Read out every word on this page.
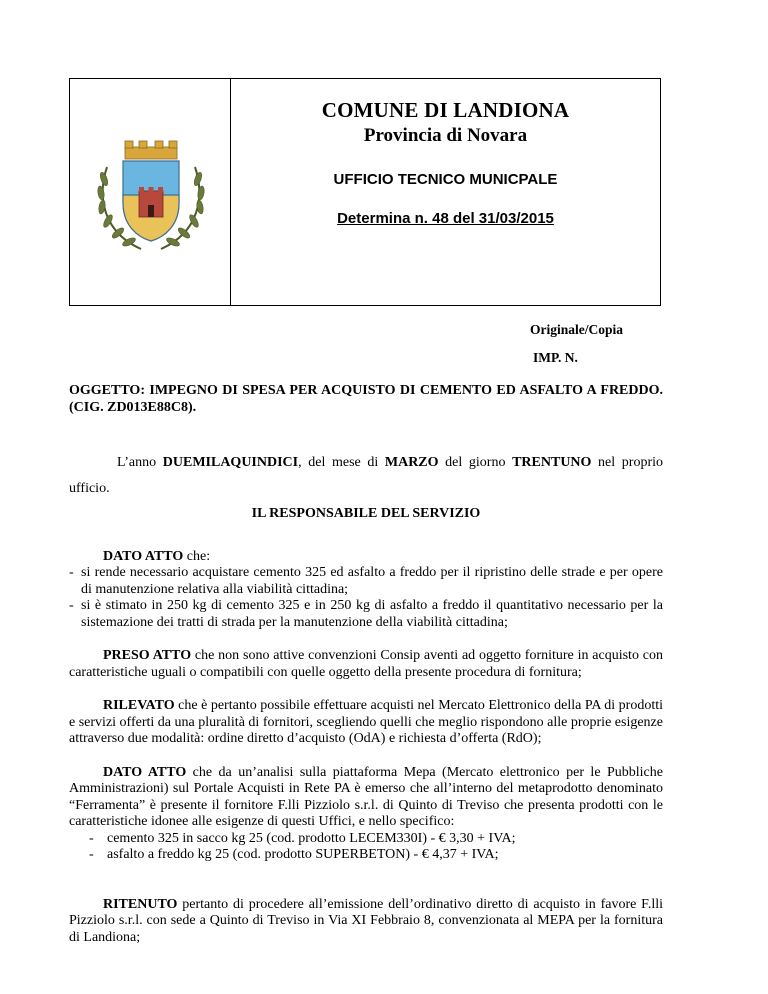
COMUNE DI LANDIONA
Provincia di Novara
UFFICIO TECNICO MUNICPALE
Determina n. 48 del 31/03/2015
Originale/Copia
IMP. N.

OGGETTO: IMPEGNO DI SPESA PER ACQUISTO DI CEMENTO ED ASFALTO A FREDDO. (CIG. ZD013E88C8).

L’anno DUEMILAQUINDICI, del mese di MARZO del giorno TRENTUNO nel proprio ufficio.

IL RESPONSABILE DEL SERVIZIO

DATO ATTO che:

- si rende necessario acquistare cemento 325 ed asfalto a freddo per il ripristino delle strade e per opere di manutenzione relativa alla viabilità cittadina;
- si è stimato in 250 kg di cemento 325 e in 250 kg di asfalto a freddo il quantitativo necessario per la sistemazione dei tratti di strada per la manutenzione della viabilità cittadina;

PRESO ATTO che non sono attive convenzioni Consip aventi ad oggetto forniture in acquisto con caratteristiche uguali o compatibili con quelle oggetto della presente procedura di fornitura;

RILEVATO che è pertanto possibile effettuare acquisti nel Mercato Elettronico della PA di prodotti e servizi offerti da una pluralità di fornitori, scegliendo quelli che meglio rispondono alle proprie esigenze attraverso due modalità: ordine diretto d’acquisto (OdA) e richiesta d’offerta (RdO);

DATO ATTO che da un’analisi sulla piattaforma Mepa (Mercato elettronico per le Pubbliche Amministrazioni) sul Portale Acquisti in Rete PA è emerso che all’interno del metaprodotto denominato “Ferramenta” è presente il fornitore F.lli Pizziolo s.r.l. di Quinto di Treviso che presenta prodotti con le caratteristiche idonee alle esigenze di questi Uffici, e nello specifico:

- cemento 325 in sacco kg 25 (cod. prodotto LECEM330I) - € 3,30 + IVA;
- asfalto a freddo kg 25 (cod. prodotto SUPERBETON) - € 4,37 + IVA;

RITENUTO pertanto di procedere all’emissione dell’ordinativo diretto di acquisto in favore F.lli Pizziolo s.r.l. con sede a Quinto di Treviso in Via XI Febbraio 8, convenzionata al MEPA per la fornitura di Landiona;
